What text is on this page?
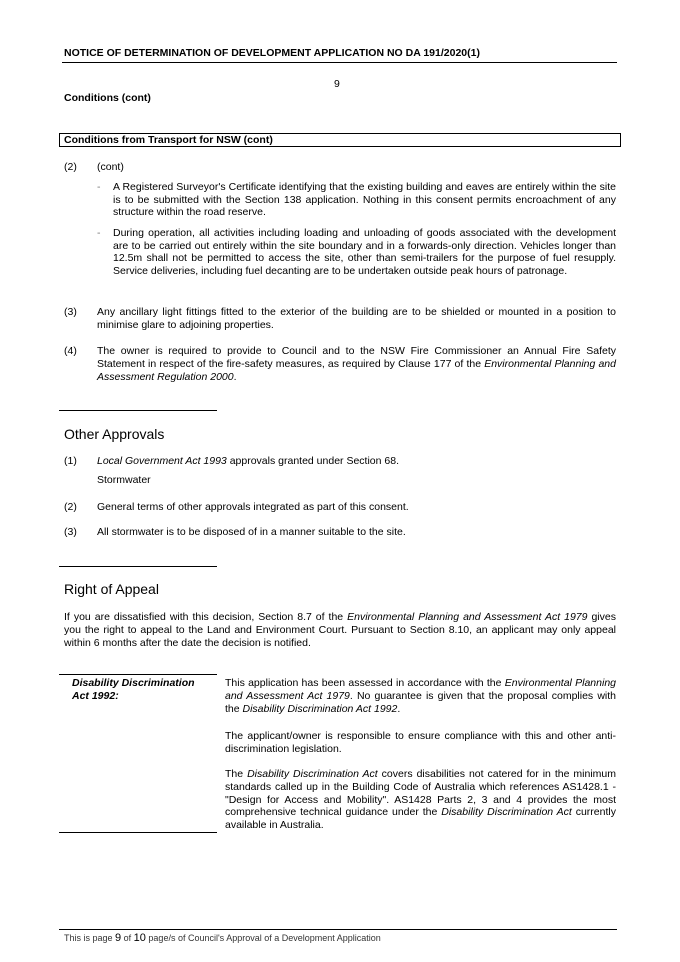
NOTICE OF DETERMINATION OF DEVELOPMENT APPLICATION NO DA 191/2020(1)
9
Conditions (cont)
Conditions from Transport for NSW (cont)
(2) (cont)
-	A Registered Surveyor's Certificate identifying that the existing building and eaves are entirely within the site is to be submitted with the Section 138 application. Nothing in this consent permits encroachment of any structure within the road reserve.
-	During operation, all activities including loading and unloading of goods associated with the development are to be carried out entirely within the site boundary and in a forwards-only direction. Vehicles longer than 12.5m shall not be permitted to access the site, other than semi-trailers for the purpose of fuel resupply. Service deliveries, including fuel decanting are to be undertaken outside peak hours of patronage.
(3) Any ancillary light fittings fitted to the exterior of the building are to be shielded or mounted in a position to minimise glare to adjoining properties.
(4) The owner is required to provide to Council and to the NSW Fire Commissioner an Annual Fire Safety Statement in respect of the fire-safety measures, as required by Clause 177 of the Environmental Planning and Assessment Regulation 2000.
Other Approvals
(1) Local Government Act 1993 approvals granted under Section 68.
Stormwater
(2) General terms of other approvals integrated as part of this consent.
(3) All stormwater is to be disposed of in a manner suitable to the site.
Right of Appeal
If you are dissatisfied with this decision, Section 8.7 of the Environmental Planning and Assessment Act 1979 gives you the right to appeal to the Land and Environment Court. Pursuant to Section 8.10, an applicant may only appeal within 6 months after the date the decision is notified.
Disability Discrimination Act 1992:
This application has been assessed in accordance with the Environmental Planning and Assessment Act 1979. No guarantee is given that the proposal complies with the Disability Discrimination Act 1992.
The applicant/owner is responsible to ensure compliance with this and other anti-discrimination legislation.
The Disability Discrimination Act covers disabilities not catered for in the minimum standards called up in the Building Code of Australia which references AS1428.1 - "Design for Access and Mobility". AS1428 Parts 2, 3 and 4 provides the most comprehensive technical guidance under the Disability Discrimination Act currently available in Australia.
This is page 9 of 10 page/s of Council's Approval of a Development Application
